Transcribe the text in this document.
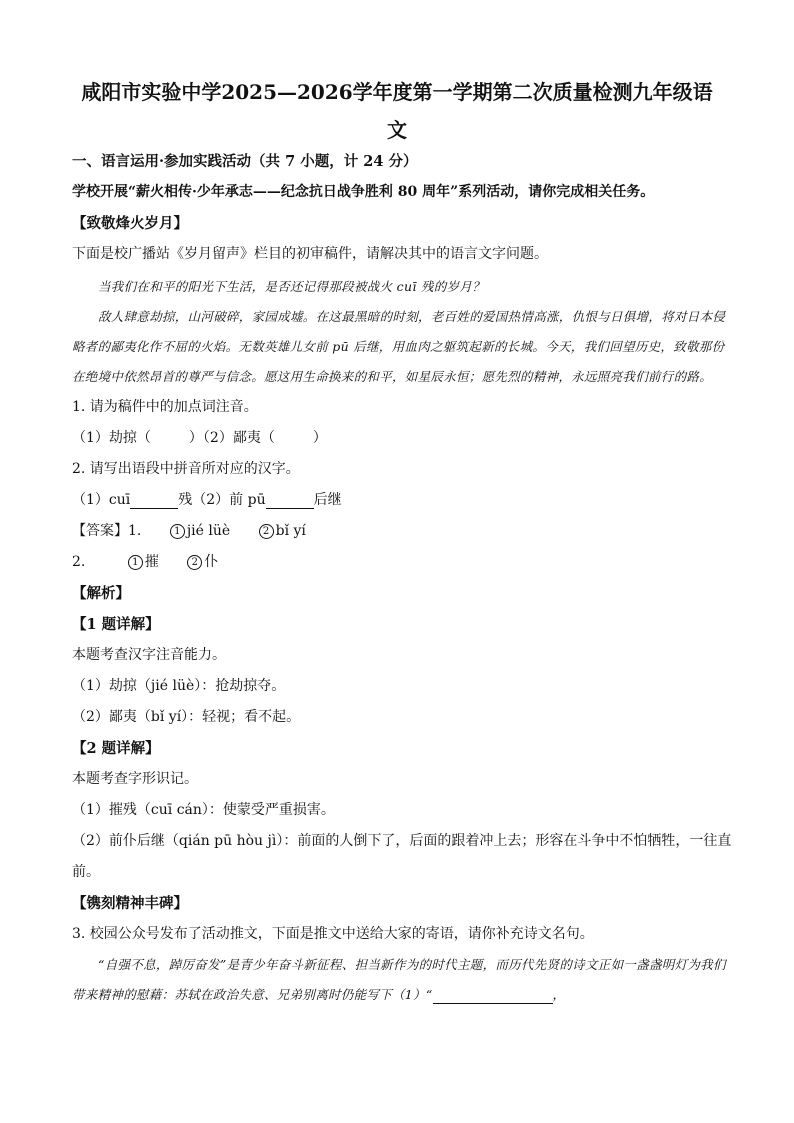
咸阳市实验中学2025—2026学年度第一学期第二次质量检测九年级语
文
一、语言运用·参加实践活动（共 7 小题，计 24 分）
学校开展“薪火相传·少年承志——纪念抗日战争胜利 80 周年”系列活动，请你完成相关任务。
【致敬烽火岁月】
下面是校广播站《岁月留声》栏目的初审稿件，请解决其中的语言文字问题。

当我们在和平的阳光下生活，是否还记得那段被战火 cuī 残的岁月？

敌人肆意劫掠，山河破碎，家园成墟。在这最黑暗的时刻，老百姓的爱国热情高涨，仇恨与日俱增，将对日本侵略者的鄙夷化作不屈的火焰。无数英雄儿女前 pū 后继，用血肉之躯筑起新的长城。今天，我们回望历史，致敬那份在绝境中依然昂首的尊严与信念。愿这用生命换来的和平，如星辰永恒；愿先烈的精神，永远照亮我们前行的路。

1. 请为稿件中的加点词注音。
（1）劫掠（	）（2）鄙夷（	）
2. 请写出语段中拼音所对应的汉字。
（1）cuī	残（2）前 pū	后继
【答案】1.	1 jié lüè	2 bǐ yí
2.	1 摧	2 仆
【解析】
【1 题详解】
本题考查汉字注音能力。
（1）劫掠（jié lüè）：抢劫掠夺。
（2）鄙夷（bǐ yí）：轻视；看不起。
【2 题详解】
本题考查字形识记。
（1）摧残（cuī cán）：使蒙受严重损害。
（2）前仆后继（qián pū hòu jì）：前面的人倒下了，后面的跟着冲上去；形容在斗争中不怕牺牲，一往直前。
【镌刻精神丰碑】
3. 校园公众号发布了活动推文，下面是推文中送给大家的寄语，请你补充诗文名句。
“自强不息，踔厉奋发”是青少年奋斗新征程、担当新作为的时代主题，而历代先贤的诗文正如一盏盏明灯为我们带来精神的慰藉：苏轼在政治失意、兄弟别离时仍能写下（1）“	，
